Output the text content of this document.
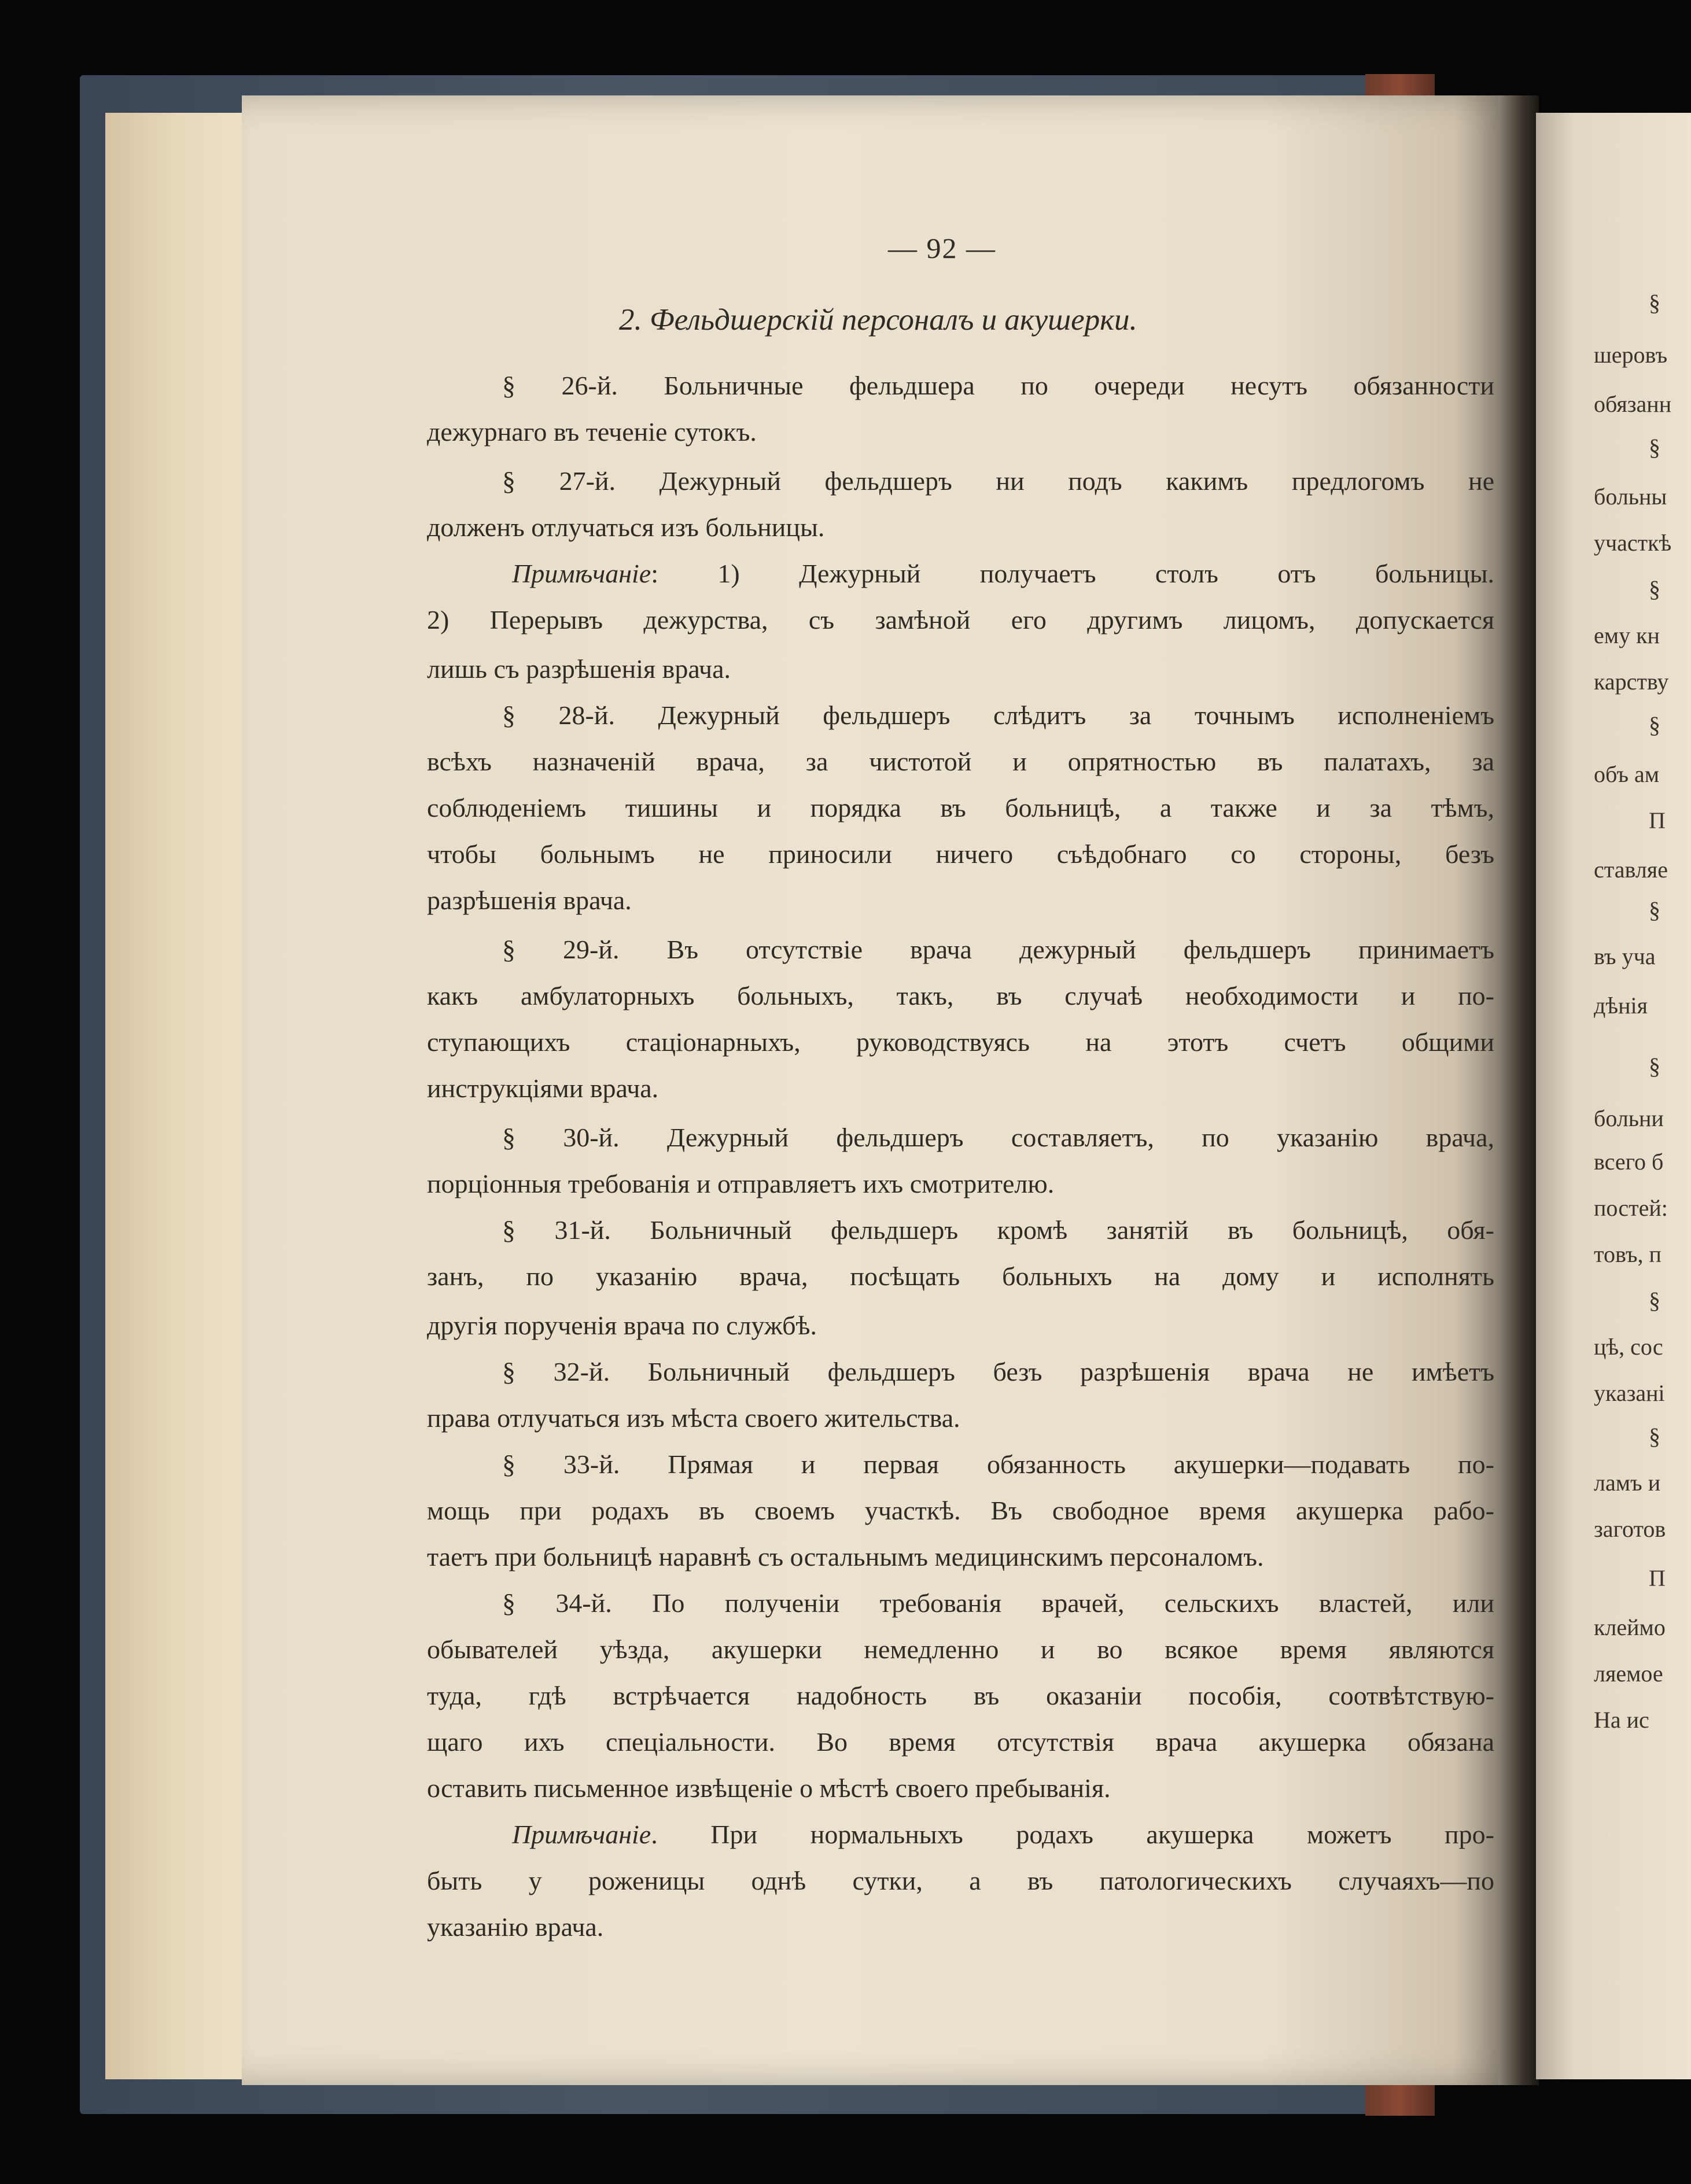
§
шеровъ
обязанн
§
больны
участкѣ
§
ему кн
карству
§
объ ам
П
ставляе
§
въ уча
дѣнія
§
больни
всего б
постей:
товъ, п
§
цѣ, сос
указані
§
ламъ и
заготов
П
клеймо
ляемое
На ис
— 92 —
2. Фельдшерскій персоналъ и акушерки.
§ 26-й. Больничные фельдшера по очереди несутъ обязанности
дежурнаго въ теченіе сутокъ.
§ 27-й. Дежурный фельдшеръ ни подъ какимъ предлогомъ не
долженъ отлучаться изъ больницы.
Примѣчаніе: 1) Дежурный получаетъ столъ отъ больницы.
2) Перерывъ дежурства, съ замѣной его другимъ лицомъ, допускается
лишь съ разрѣшенія врача.
§ 28-й. Дежурный фельдшеръ слѣдитъ за точнымъ исполненіемъ
всѣхъ назначеній врача, за чистотой и опрятностью въ палатахъ, за
соблюденіемъ тишины и порядка въ больницѣ, а также и за тѣмъ,
чтобы больнымъ не приносили ничего съѣдобнаго со стороны, безъ
разрѣшенія врача.
§ 29-й. Въ отсутствіе врача дежурный фельдшеръ принимаетъ
какъ амбулаторныхъ больныхъ, такъ, въ случаѣ необходимости и по-
ступающихъ стаціонарныхъ, руководствуясь на этотъ счетъ общими
инструкціями врача.
§ 30-й. Дежурный фельдшеръ составляетъ, по указанію врача,
порціонныя требованія и отправляетъ ихъ смотрителю.
§ 31-й. Больничный фельдшеръ кромѣ занятій въ больницѣ, обя-
занъ, по указанію врача, посѣщать больныхъ на дому и исполнять
другія порученія врача по службѣ.
§ 32-й. Больничный фельдшеръ безъ разрѣшенія врача не имѣетъ
права отлучаться изъ мѣста своего жительства.
§ 33-й. Прямая и первая обязанность акушерки—подавать по-
мощь при родахъ въ своемъ участкѣ. Въ свободное время акушерка рабо-
таетъ при больницѣ наравнѣ съ остальнымъ медицинскимъ персоналомъ.
§ 34-й. По полученіи требованія врачей, сельскихъ властей, или
обывателей уѣзда, акушерки немедленно и во всякое время являются
туда, гдѣ встрѣчается надобность въ оказаніи пособія, соотвѣтствую-
щаго ихъ спеціальности. Во время отсутствія врача акушерка обязана
оставить письменное извѣщеніе о мѣстѣ своего пребыванія.
Примѣчаніе. При нормальныхъ родахъ акушерка можетъ про-
быть у роженицы однѣ сутки, а въ патологическихъ случаяхъ—по
указанію врача.
